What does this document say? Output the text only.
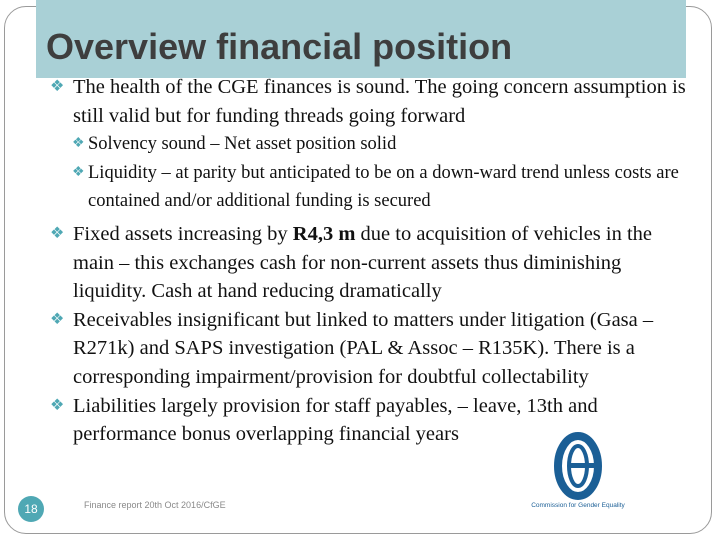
Overview financial position
❖ The health of the CGE finances is sound. The going concern assumption is still valid but for funding threads going forward
❖ Solvency sound – Net asset position solid
❖ Liquidity – at parity but anticipated to be on a down-ward trend unless costs are contained and/or additional funding is secured
❖ Fixed assets increasing by R4,3 m due to acquisition of vehicles in the main – this exchanges cash for non-current assets thus diminishing liquidity. Cash at hand reducing dramatically
❖ Receivables insignificant but linked to matters under litigation (Gasa – R271k) and SAPS investigation (PAL & Assoc – R135K). There is a corresponding impairment/provision for doubtful collectability
❖ Liabilities largely provision for staff payables, – leave, 13th and performance bonus overlapping financial years
Commission for Gender Equality
18	Finance report 20th Oct 2016/CfGE
